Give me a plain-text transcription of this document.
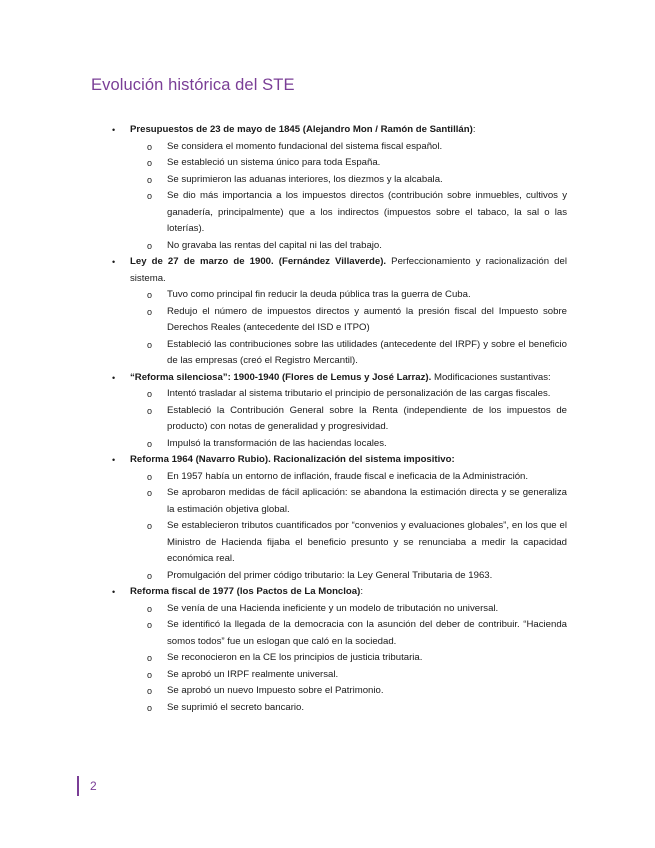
Evolución histórica del STE
•	Presupuestos de 23 de mayo de 1845 (Alejandro Mon / Ramón de Santillán):
o Se considera el momento fundacional del sistema fiscal español.
o Se estableció un sistema único para toda España.
o Se suprimieron las aduanas interiores, los diezmos y la alcabala.
o Se dio más importancia a los impuestos directos (contribución sobre inmuebles, cultivos y ganadería, principalmente) que a los indirectos (impuestos sobre el tabaco, la sal o las loterías).
o No gravaba las rentas del capital ni las del trabajo.
•	Ley de 27 de marzo de 1900. (Fernández Villaverde). Perfeccionamiento y racionalización del sistema.
o Tuvo como principal fin reducir la deuda pública tras la guerra de Cuba.
o Redujo el número de impuestos directos y aumentó la presión fiscal del Impuesto sobre Derechos Reales (antecedente del ISD e ITPO)
o Estableció las contribuciones sobre las utilidades (antecedente del IRPF) y sobre el beneficio de las empresas (creó el Registro Mercantil).
•	“Reforma silenciosa”: 1900-1940 (Flores de Lemus y José Larraz). Modificaciones sustantivas:
o Intentó trasladar al sistema tributario el principio de personalización de las cargas fiscales.
o Estableció la Contribución General sobre la Renta (independiente de los impuestos de producto) con notas de generalidad y progresividad.
o Impulsó la transformación de las haciendas locales.
•	Reforma 1964 (Navarro Rubio). Racionalización del sistema impositivo:
o En 1957 había un entorno de inflación, fraude fiscal e ineficacia de la Administración.
o Se aprobaron medidas de fácil aplicación: se abandona la estimación directa y se generaliza la estimación objetiva global.
o Se establecieron tributos cuantificados por “convenios y evaluaciones globales”, en los que el Ministro de Hacienda fijaba el beneficio presunto y se renunciaba a medir la capacidad económica real.
o Promulgación del primer código tributario: la Ley General Tributaria de 1963.
•	Reforma fiscal de 1977 (los Pactos de La Moncloa):
o Se venía de una Hacienda ineficiente y un modelo de tributación no universal.
o Se identificó la llegada de la democracia con la asunción del deber de contribuir. “Hacienda somos todos” fue un eslogan que caló en la sociedad.
o Se reconocieron en la CE los principios de justicia tributaria.
o Se aprobó un IRPF realmente universal.
o Se aprobó un nuevo Impuesto sobre el Patrimonio.
o Se suprimió el secreto bancario.
2
